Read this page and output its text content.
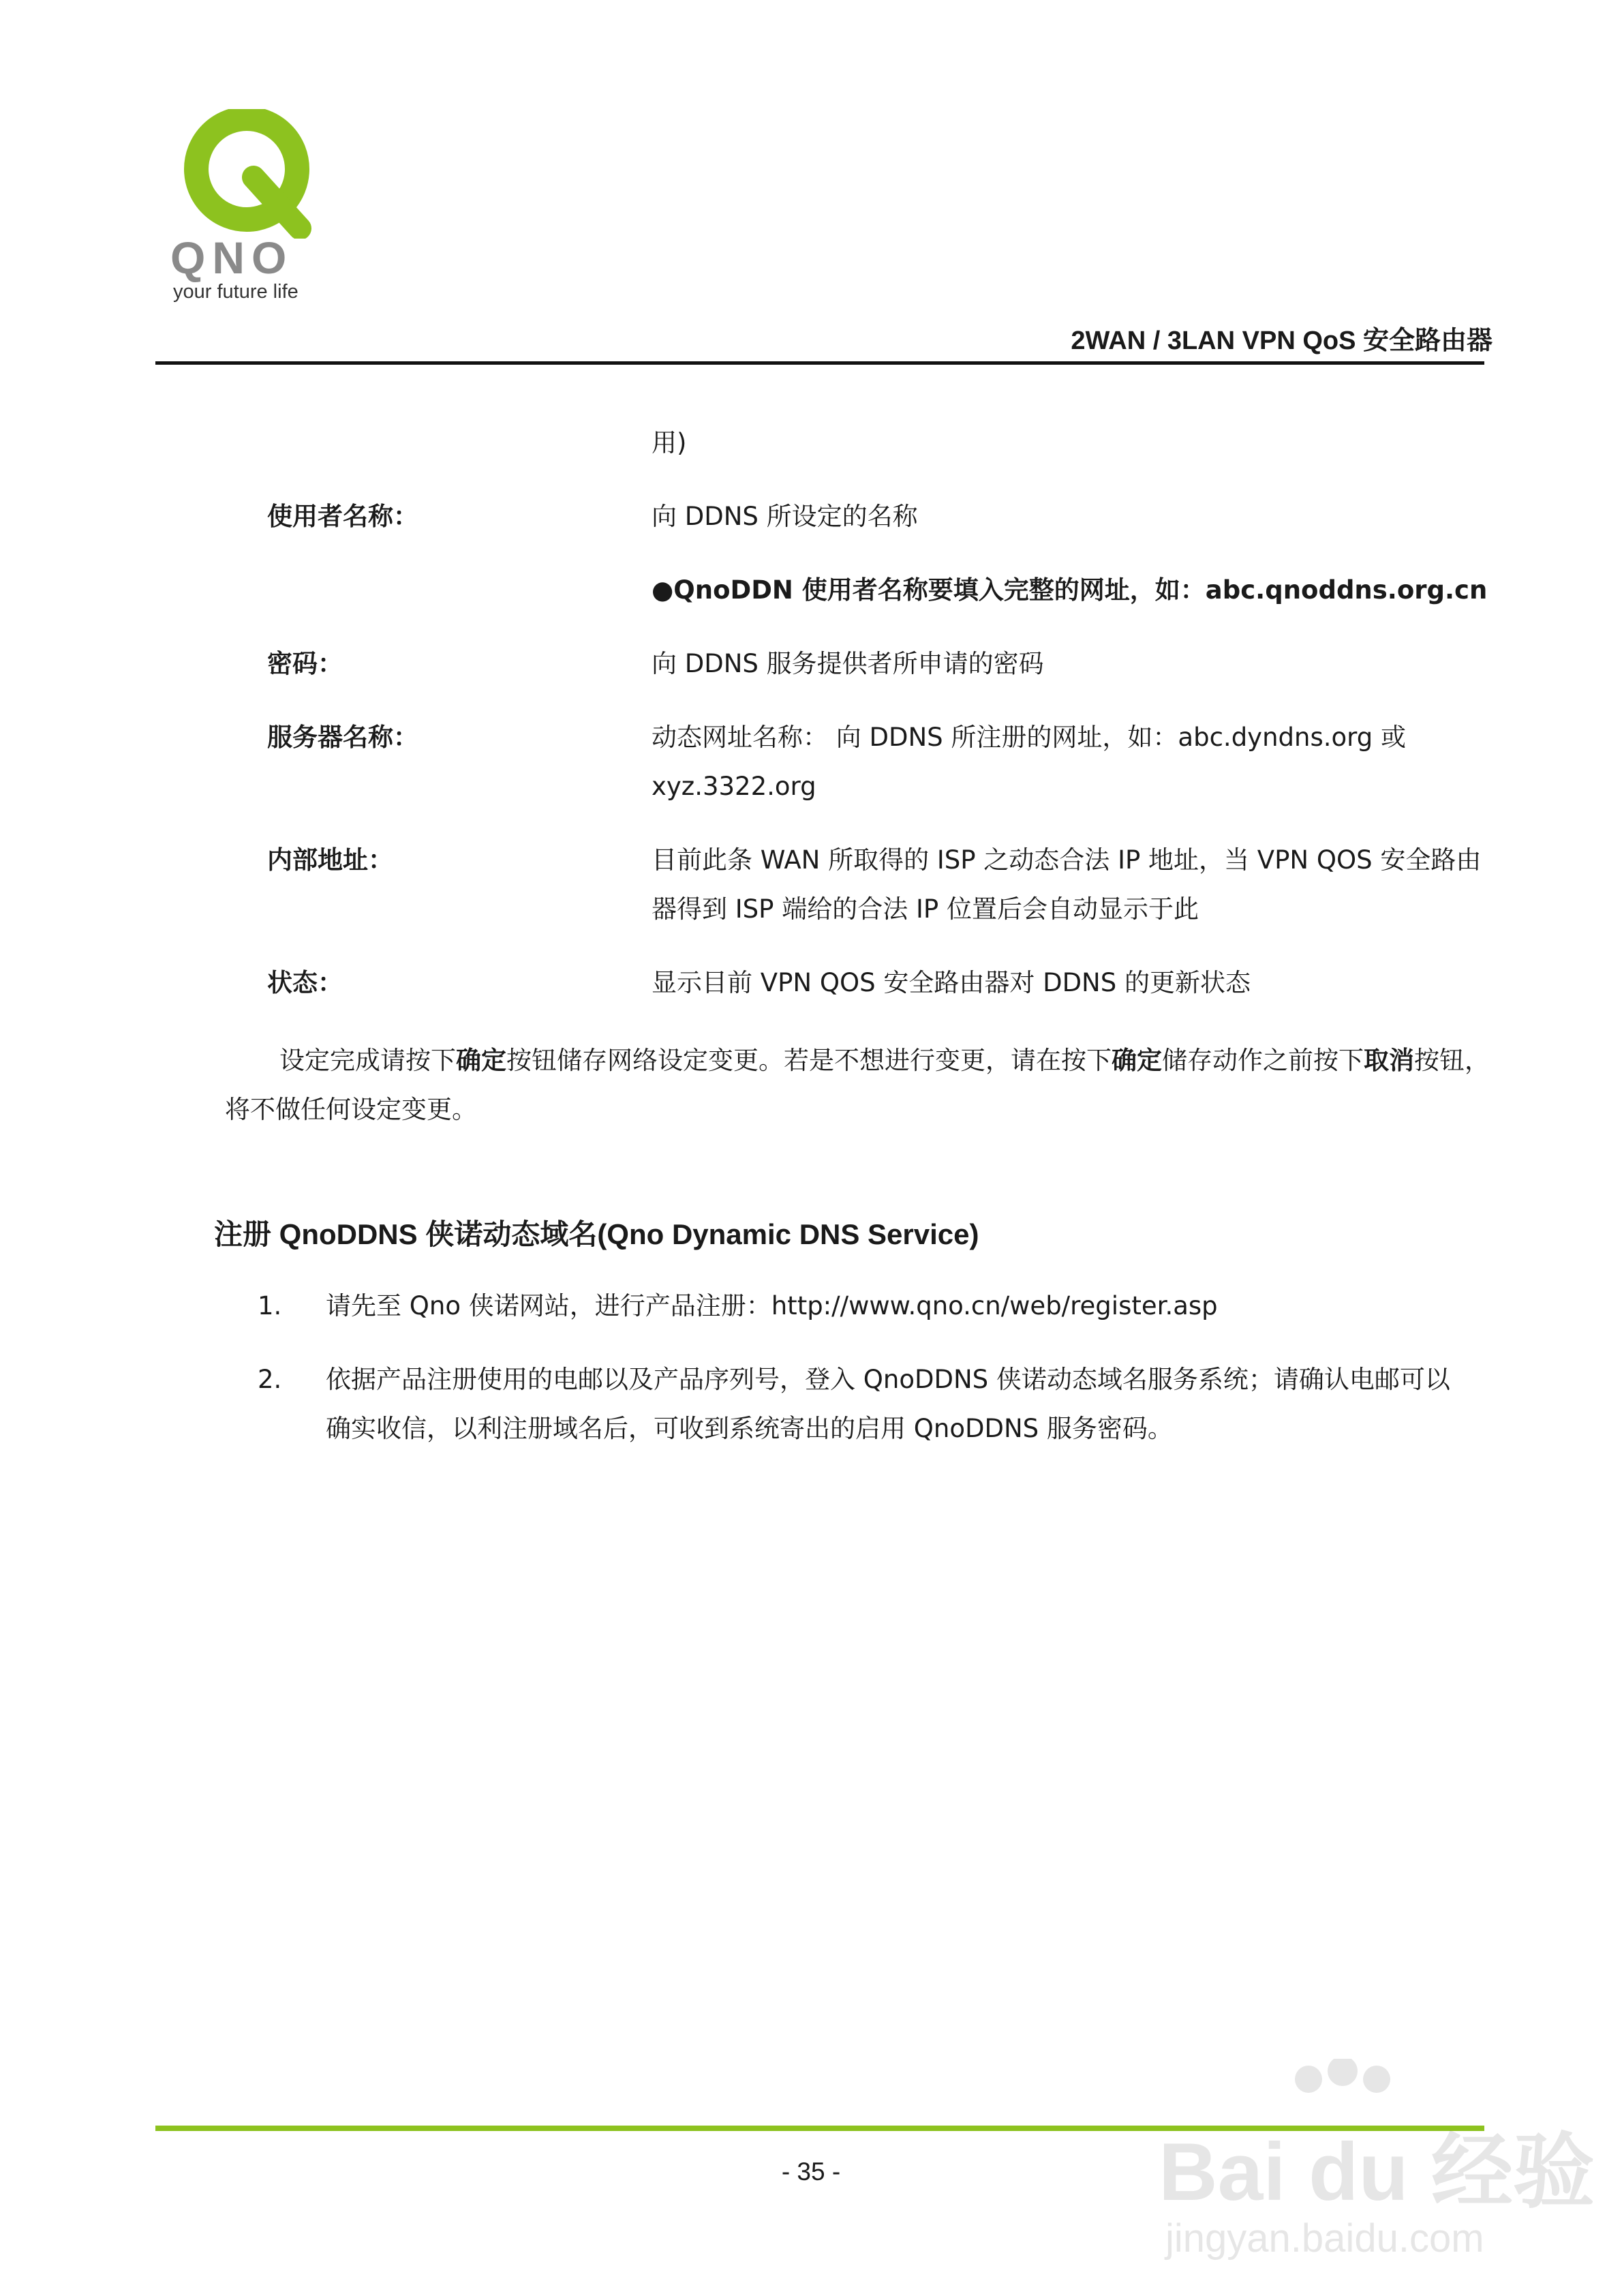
QNO
your future life
2WAN / 3LAN VPN QoS 安全路由器
用)
使用者名称：	向 DDNS 所设定的名称
●QnoDDN 使用者名称要填入完整的网址，如：abc.qnoddns.org.cn
密码：	向 DDNS 服务提供者所申请的密码
服务器名称：	动态网址名称： 向 DDNS 所注册的网址，如：abc.dyndns.org 或 xyz.3322.org
内部地址：	目前此条 WAN 所取得的 ISP 之动态合法 IP 地址，当 VPN QOS 安全路由器得到 ISP 端给的合法 IP 位置后会自动显示于此
状态：	显示目前 VPN QOS 安全路由器对 DDNS 的更新状态
设定完成请按下确定按钮储存网络设定变更。若是不想进行变更，请在按下确定储存动作之前按下取消按钮，将不做任何设定变更。
注册 QnoDDNS 侠诺动态域名(Qno Dynamic DNS Service)
1. 请先至 Qno 侠诺网站，进行产品注册：http://www.qno.cn/web/register.asp
2. 依据产品注册使用的电邮以及产品序列号，登入 QnoDDNS 侠诺动态域名服务系统；请确认电邮可以确实收信，以利注册域名后，可收到系统寄出的启用 QnoDDNS 服务密码。
- 35 -	Bai du 经验
jingyan.baidu.com
